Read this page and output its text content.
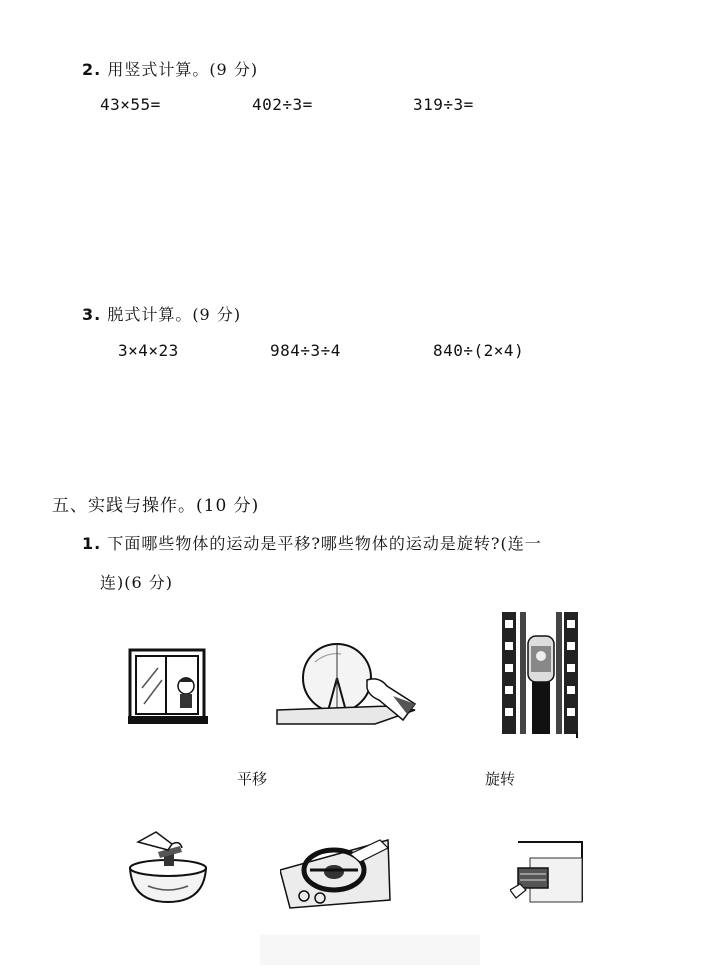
2. 用竖式计算。(9 分)
43×55=	402÷3=	319÷3=
3. 脱式计算。(9 分)
3×4×23	984÷3÷4	840÷(2×4)
五、实践与操作。(10 分)
1. 下面哪些物体的运动是平移?哪些物体的运动是旋转?(连一
连)(6 分)
平移	旋转
